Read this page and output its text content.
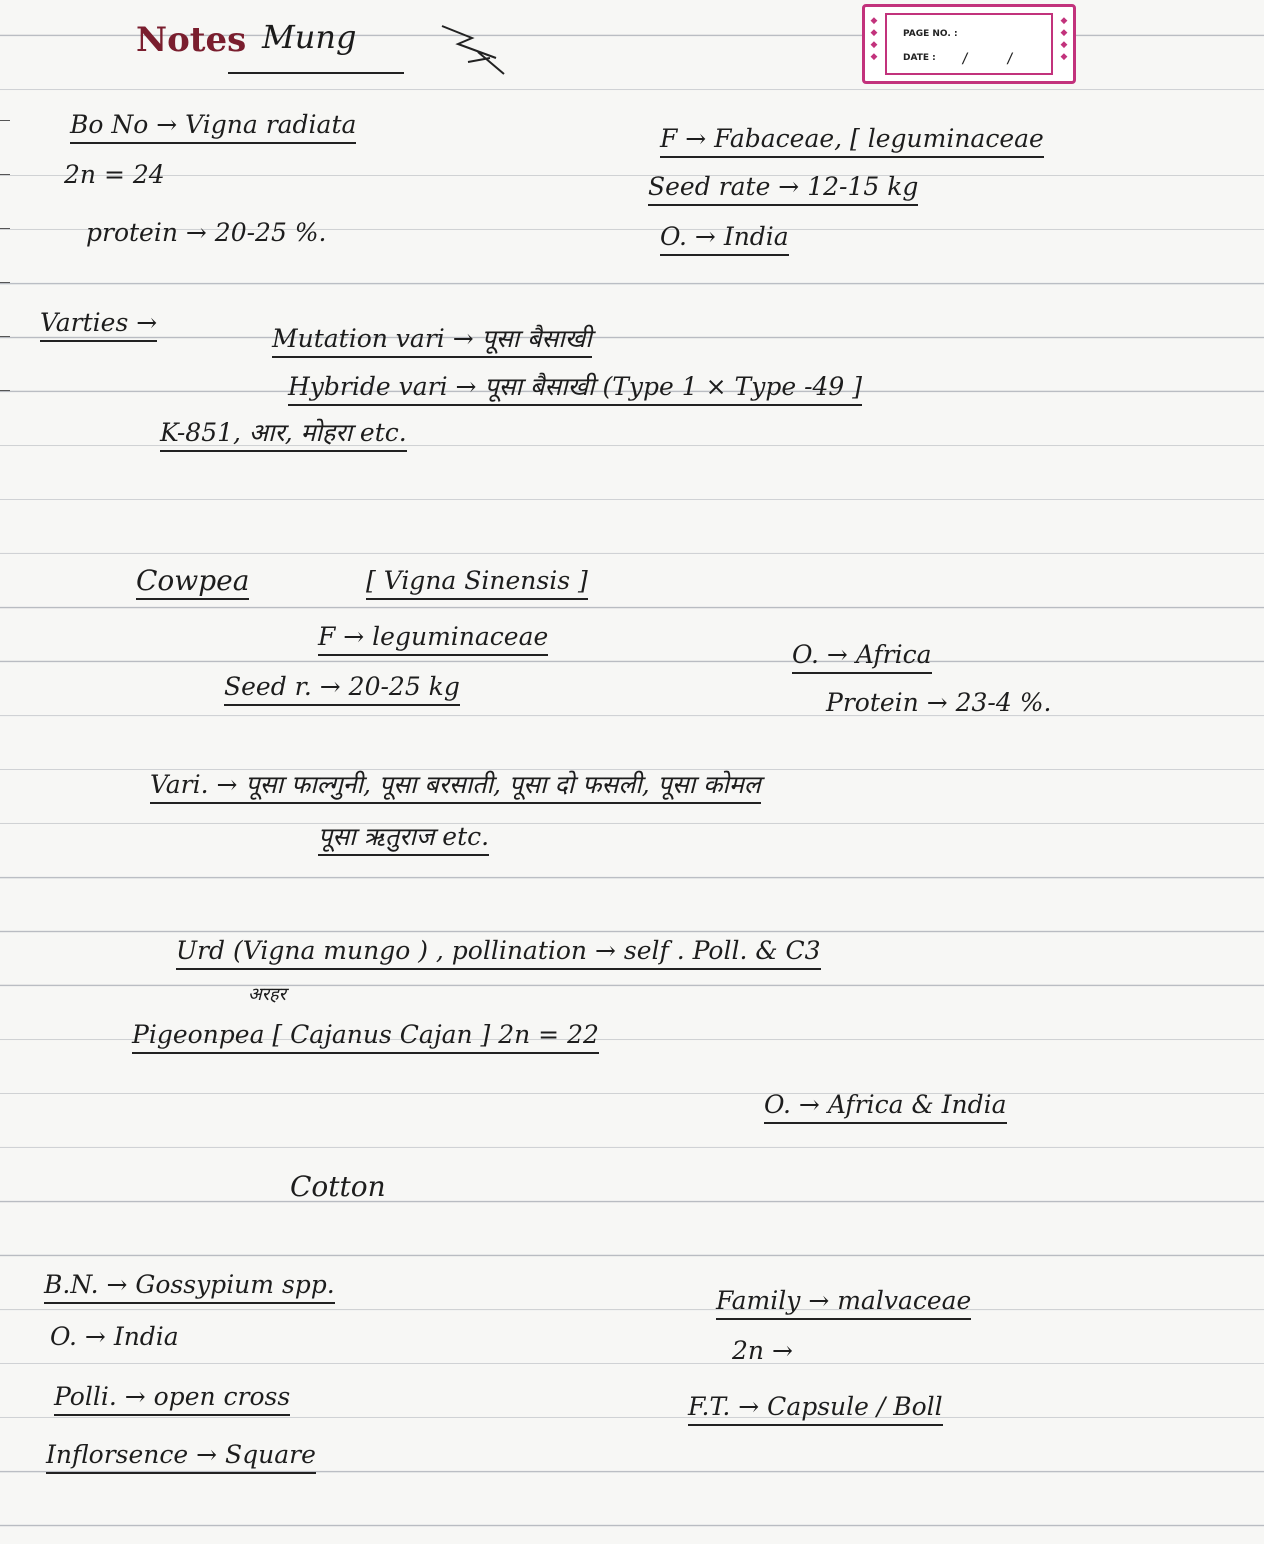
Notes Mung	◆
◆
◆
◆
◆
◆
◆
◆
PAGE NO. :
DATE : / /
Bo No → Vigna radiata	F → Fabaceae, [ leguminaceae
2n = 24	Seed rate → 12-15 kg
protein → 20-25 %.	O. → India
Varties →
Mutation vari → पूसा बैसाखी
Hybride vari → पूसा बैसाखी (Type 1 × Type -49 ]
K-851, आर, मोहरा etc.
Cowpea	[ Vigna Sinensis ]
F → leguminaceae
O. → Africa
Seed r. → 20-25 kg
Protein → 23-4 %.
Vari. → पूसा फाल्गुनी, पूसा बरसाती, पूसा दो फसली, पूसा कोमल
पूसा ऋतुराज etc.
Urd (Vigna mungo ) , pollination → self . Poll. & C3
अरहर
Pigeonpea [ Cajanus Cajan ] 2n = 22
O. → Africa & India
Cotton
B.N. → Gossypium spp.
Family → malvaceae
O. → India	2n →
Polli. → open cross	F.T. → Capsule / Boll
Inflorsence → Square
